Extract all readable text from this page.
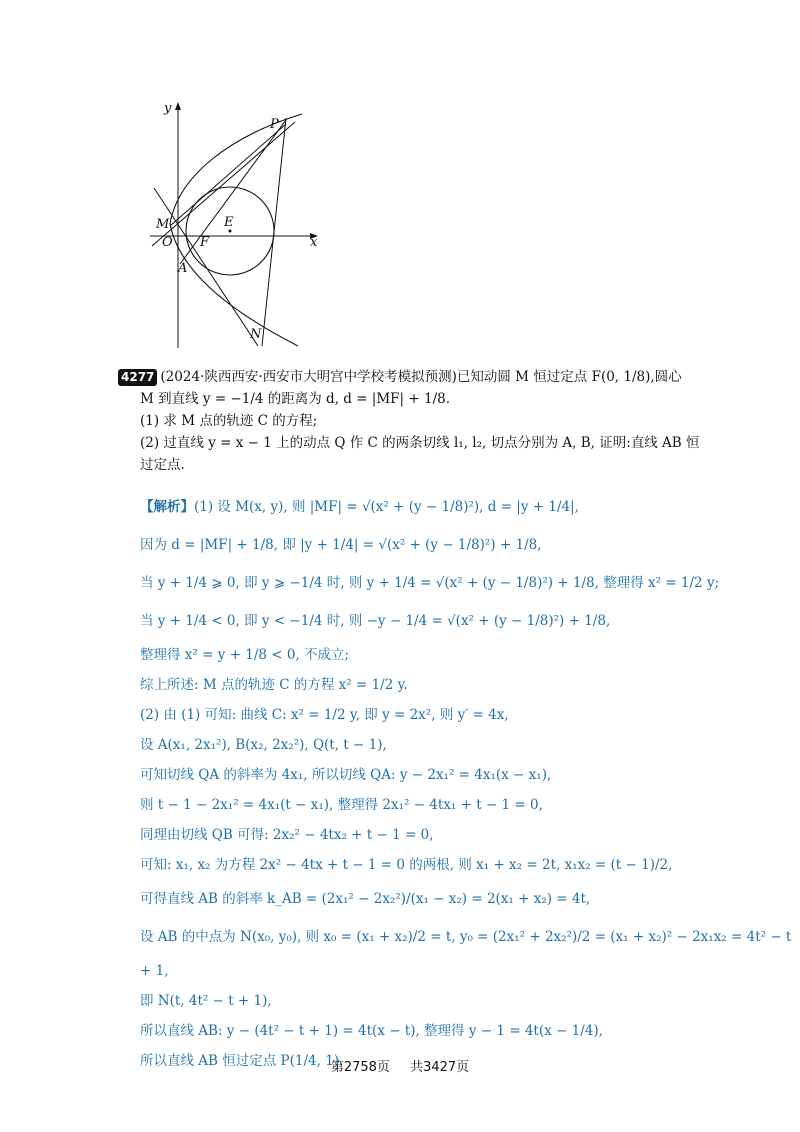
y
x
P
M
O F
E
A
N
4277 (2024·陕西西安·西安市大明宫中学校考模拟预测)已知动圆 M 恒过定点 F(0, 1/8),圆心
M 到直线 y = −1/4 的距离为 d, d = |MF| + 1/8.
(1) 求 M 点的轨迹 C 的方程;
(2) 过直线 y = x − 1 上的动点 Q 作 C 的两条切线 l₁, l₂, 切点分别为 A, B, 证明:直线 AB 恒
过定点.
【解析】(1) 设 M(x, y), 则 |MF| = √(x² + (y − 1/8)²), d = |y + 1/4|,
因为 d = |MF| + 1/8, 即 |y + 1/4| = √(x² + (y − 1/8)²) + 1/8,
当 y + 1/4 ⩾ 0, 即 y ⩾ −1/4 时, 则 y + 1/4 = √(x² + (y − 1/8)²) + 1/8, 整理得 x² = 1/2 y;
当 y + 1/4 < 0, 即 y < −1/4 时, 则 −y − 1/4 = √(x² + (y − 1/8)²) + 1/8,
整理得 x² = y + 1/8 < 0, 不成立;
综上所述: M 点的轨迹 C 的方程 x² = 1/2 y.
(2) 由 (1) 可知: 曲线 C: x² = 1/2 y, 即 y = 2x², 则 y′ = 4x,
设 A(x₁, 2x₁²), B(x₂, 2x₂²), Q(t, t − 1),
可知切线 QA 的斜率为 4x₁, 所以切线 QA: y − 2x₁² = 4x₁(x − x₁),
则 t − 1 − 2x₁² = 4x₁(t − x₁), 整理得 2x₁² − 4tx₁ + t − 1 = 0,
同理由切线 QB 可得: 2x₂² − 4tx₂ + t − 1 = 0,
可知: x₁, x₂ 为方程 2x² − 4tx + t − 1 = 0 的两根, 则 x₁ + x₂ = 2t, x₁x₂ = (t − 1)/2,
可得直线 AB 的斜率 k_AB = (2x₁² − 2x₂²)/(x₁ − x₂) = 2(x₁ + x₂) = 4t,
设 AB 的中点为 N(x₀, y₀), 则 x₀ = (x₁ + x₂)/2 = t, y₀ = (2x₁² + 2x₂²)/2 = (x₁ + x₂)² − 2x₁x₂ = 4t² − t
+ 1,
即 N(t, 4t² − t + 1),
所以直线 AB: y − (4t² − t + 1) = 4t(x − t), 整理得 y − 1 = 4t(x − 1/4),
所以直线 AB 恒过定点 P(1/4, 1).
第2758页 共3427页
